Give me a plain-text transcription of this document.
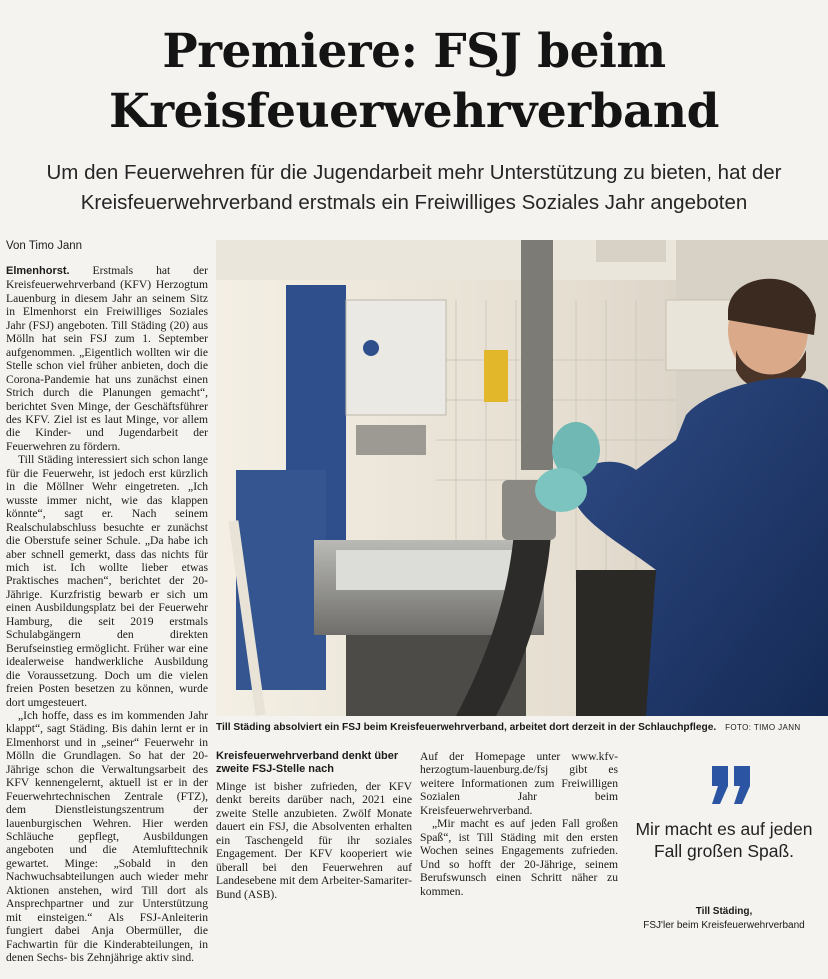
Premiere: FSJ beim
Kreisfeuerwehrverband
Um den Feuerwehren für die Jugendarbeit mehr Unterstützung zu bieten, hat der Kreisfeuerwehrverband erstmals ein Freiwilliges Soziales Jahr angeboten
Von Timo Jann

Elmenhorst. Erstmals hat der Kreisfeuerwehrverband (KFV) Herzogtum Lauenburg in diesem Jahr an seinem Sitz in Elmenhorst ein Freiwilliges Soziales Jahr (FSJ) angeboten. Till Städing (20) aus Mölln hat sein FSJ zum 1. September aufgenommen. „Eigentlich wollten wir die Stelle schon viel früher anbieten, doch die Corona-Pandemie hat uns zunächst einen Strich durch die Planungen gemacht“, berichtet Sven Minge, der Geschäftsführer des KFV. Ziel ist es laut Minge, vor allem die Kinder- und Jugendarbeit der Feuerwehren zu fördern.

Till Städing interessiert sich schon lange für die Feuerwehr, ist jedoch erst kürzlich in die Möllner Wehr eingetreten. „Ich wusste immer nicht, wie das klappen könnte“, sagt er. Nach seinem Realschulabschluss besuchte er zunächst die Oberstufe seiner Schule. „Da habe ich aber schnell gemerkt, dass das nichts für mich ist. Ich wollte lieber etwas Praktisches machen“, berichtet der 20-Jährige. Kurzfristig bewarb er sich um einen Ausbildungsplatz bei der Feuerwehr Hamburg, die seit 2019 erstmals Schulabgängern den direkten Berufseinstieg ermöglicht. Früher war eine idealerweise handwerkliche Ausbildung die Voraussetzung. Doch um die vielen freien Posten besetzen zu können, wurde dort umgesteuert.

„Ich hoffe, dass es im kommenden Jahr klappt“, sagt Städing. Bis dahin lernt er in Elmenhorst und in „seiner“ Feuerwehr in Mölln die Grundlagen. So hat der 20-Jährige schon die Verwaltungsarbeit des KFV kennengelernt, aktuell ist er in der Feuerwehrtechnischen Zentrale (FTZ), dem Dienstleistungszentrum der lauenburgischen Wehren. Hier werden Schläuche gepflegt, Ausbildungen angeboten und die Atemlufttechnik gewartet. Minge: „Sobald in den Nachwuchsabteilungen auch wieder mehr Aktionen anstehen, wird Till dort als Ansprechpartner und zur Unterstützung mit einsteigen.“ Als FSJ-Anleiterin fungiert dabei Anja Obermüller, die Fachwartin für die Kinderabteilungen, in denen Sechs- bis Zehnjährige aktiv sind.

Till Städing absolviert ein FSJ beim Kreisfeuerwehrverband, arbeitet dort derzeit in der Schlauchpflege. FOTO: TIMO JANN
Kreisfeuerwehrverband denkt über zweite FSJ-Stelle nach

Minge ist bisher zufrieden, der KFV denkt bereits darüber nach, 2021 eine zweite Stelle anzubieten. Zwölf Monate dauert ein FSJ, die Absolventen erhalten ein Taschengeld für ihr soziales Engagement. Der KFV kooperiert wie überall bei den Feuerwehren auf Landesebene mit dem Arbeiter-Samariter-Bund (ASB).

Auf der Homepage unter www.kfv-herzogtum-lauenburg.de/fsj gibt es weitere Informationen zum Freiwilligen Sozialen Jahr beim Kreisfeuerwehrverband.

„Mir macht es auf jeden Fall großen Spaß“, ist Till Städing mit den ersten Wochen seines Engagements zufrieden. Und so hofft der 20-Jährige, seinem Berufswunsch einen Schritt näher zu kommen.

Mir macht es auf jeden Fall großen Spaß.
Till Städing,
FSJ'ler beim Kreisfeuerwehrverband
